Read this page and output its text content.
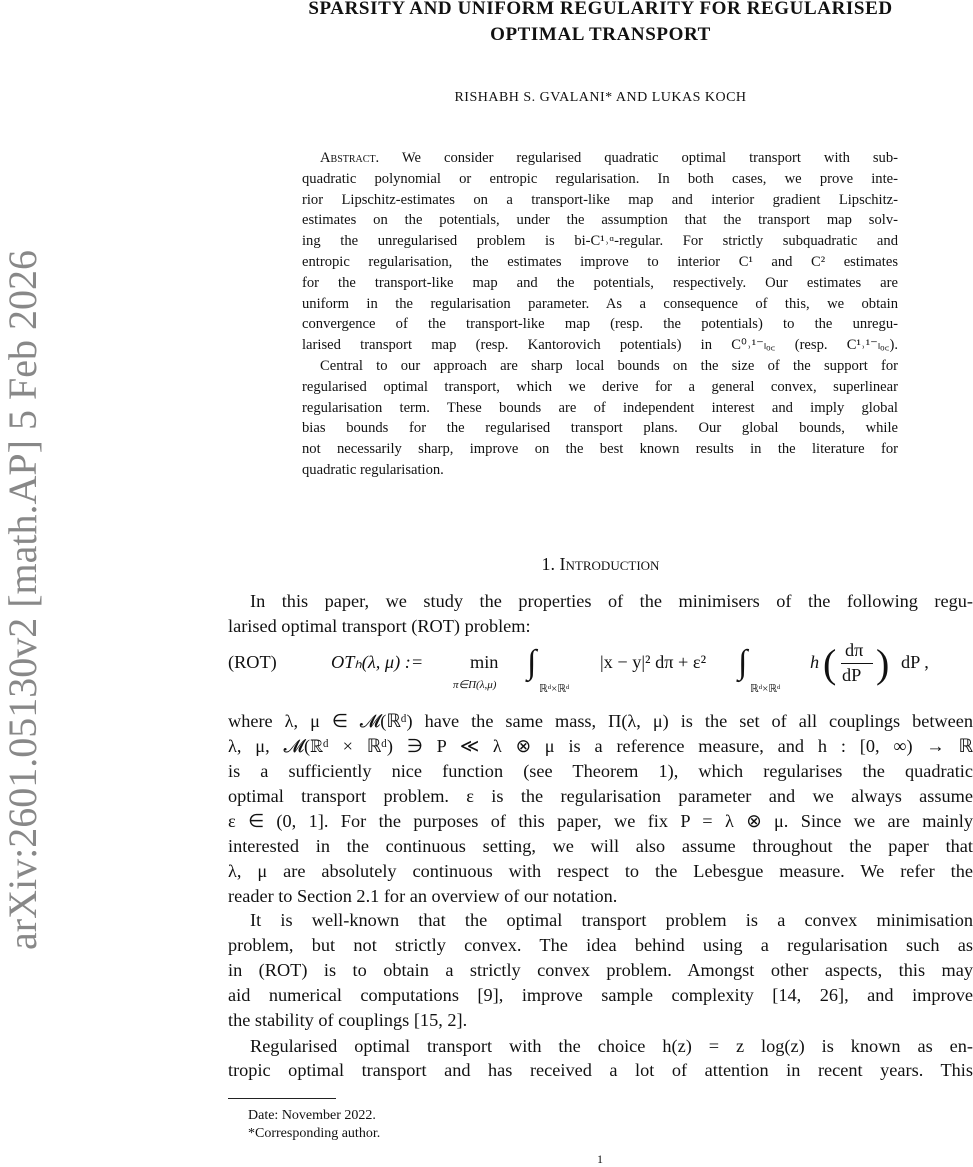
arXiv:2601.05130v2 [math.AP] 5 Feb 2026
SPARSITY AND UNIFORM REGULARITY FOR REGULARISED
OPTIMAL TRANSPORT
RISHABH S. GVALANI* AND LUKAS KOCH
Abstract. We consider regularised quadratic optimal transport with sub-
quadratic polynomial or entropic regularisation. In both cases, we prove inte-
rior Lipschitz-estimates on a transport-like map and interior gradient Lipschitz-
estimates on the potentials, under the assumption that the transport map solv-
ing the unregularised problem is bi-C¹˒ᵅ-regular. For strictly subquadratic and
entropic regularisation, the estimates improve to interior C¹ and C² estimates
for the transport-like map and the potentials, respectively. Our estimates are
uniform in the regularisation parameter. As a consequence of this, we obtain
convergence of the transport-like map (resp. the potentials) to the unregu-
larised transport map (resp. Kantorovich potentials) in C⁰˒¹⁻ₗₒ꜀ (resp. C¹˒¹⁻ₗₒ꜀).
Central to our approach are sharp local bounds on the size of the support for
regularised optimal transport, which we derive for a general convex, superlinear
regularisation term. These bounds are of independent interest and imply global
bias bounds for the regularised transport plans. Our global bounds, while
not necessarily sharp, improve on the best known results in the literature for
quadratic regularisation.
1. Introduction
In this paper, we study the properties of the minimisers of the following regu-
larised optimal transport (ROT) problem:
(ROT)	OTₕ(λ, μ) :=	min
π∈Π(λ,μ)
∫
ℝᵈ×ℝᵈ
|x − y|² dπ + ε² ∫
ℝᵈ×ℝᵈ
h ( dπ
dP ) dP ,
where λ, μ ∈ 𝓜(ℝᵈ) have the same mass, Π(λ, μ) is the set of all couplings between
λ, μ, 𝓜(ℝᵈ × ℝᵈ) ∋ P ≪ λ ⊗ μ is a reference measure, and h : [0, ∞) → ℝ
is a sufficiently nice function (see Theorem 1), which regularises the quadratic
optimal transport problem. ε is the regularisation parameter and we always assume
ε ∈ (0, 1]. For the purposes of this paper, we fix P = λ ⊗ μ. Since we are mainly
interested in the continuous setting, we will also assume throughout the paper that
λ, μ are absolutely continuous with respect to the Lebesgue measure. We refer the
reader to Section 2.1 for an overview of our notation.
It is well-known that the optimal transport problem is a convex minimisation
problem, but not strictly convex. The idea behind using a regularisation such as
in (ROT) is to obtain a strictly convex problem. Amongst other aspects, this may
aid numerical computations [9], improve sample complexity [14, 26], and improve
the stability of couplings [15, 2].
Regularised optimal transport with the choice h(z) = z log(z) is known as en-
tropic optimal transport and has received a lot of attention in recent years. This
Date: November 2022.
*Corresponding author.
1
